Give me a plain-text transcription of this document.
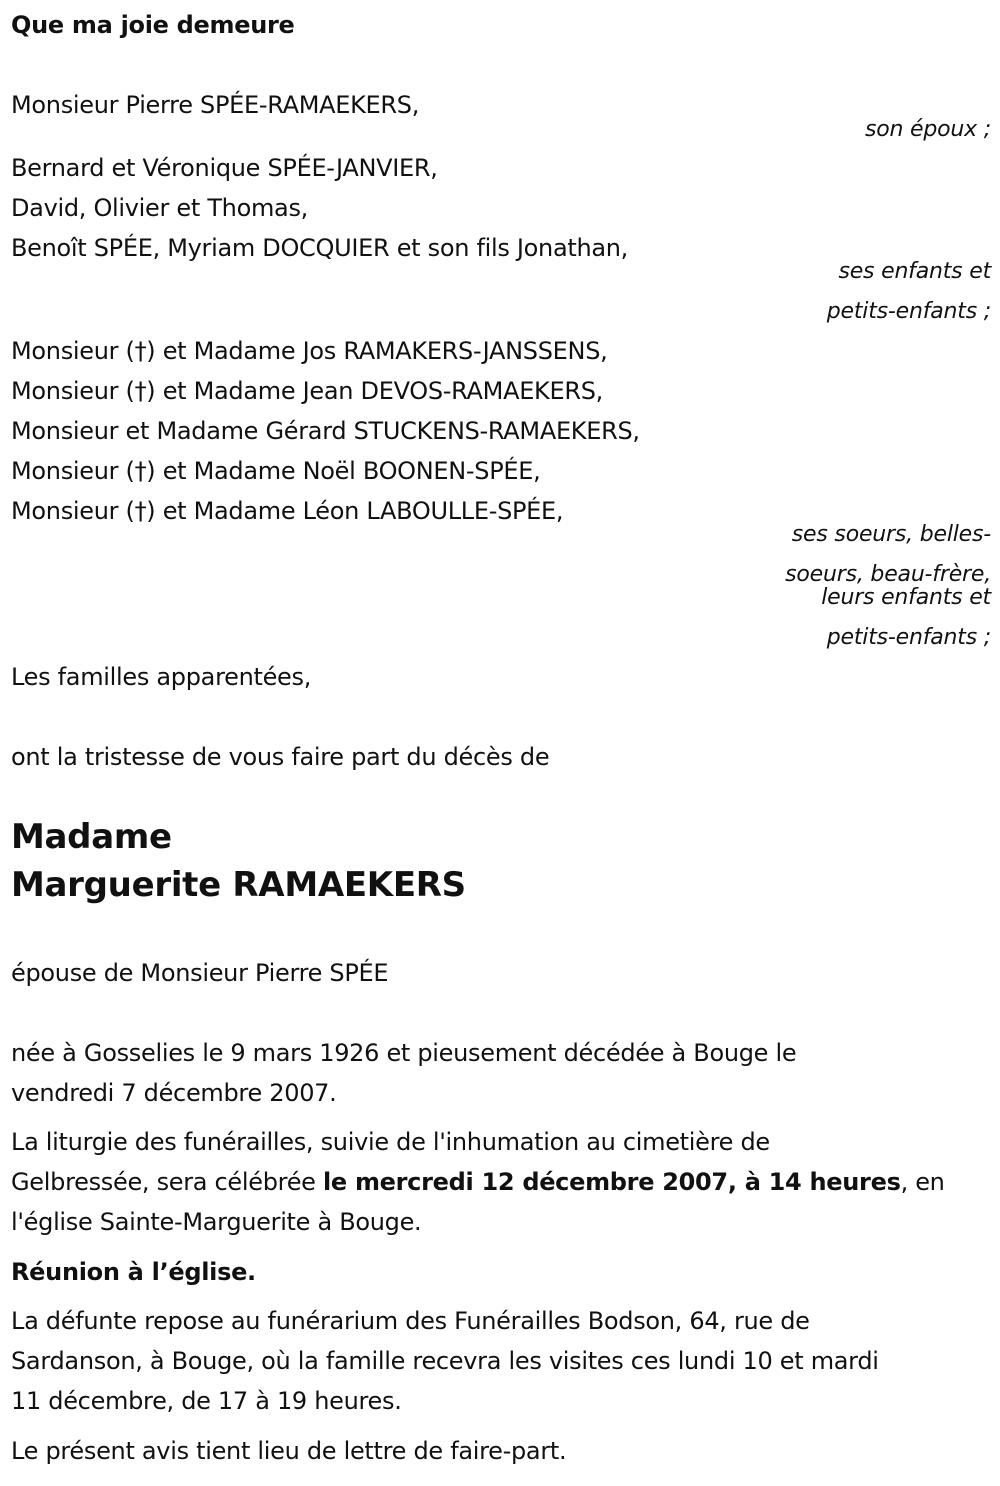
Que ma joie demeure
Monsieur Pierre SPÉE-RAMAEKERS,
son époux ;
Bernard et Véronique SPÉE-JANVIER,
David, Olivier et Thomas,
Benoît SPÉE, Myriam DOCQUIER et son fils Jonathan,
ses enfants et
petits-enfants ;
Monsieur (†) et Madame Jos RAMAKERS-JANSSENS,
Monsieur (†) et Madame Jean DEVOS-RAMAEKERS,
Monsieur et Madame Gérard STUCKENS-RAMAEKERS,
Monsieur (†) et Madame Noël BOONEN-SPÉE,
Monsieur (†) et Madame Léon LABOULLE-SPÉE,
ses soeurs, belles-
soeurs, beau-frère,
leurs enfants et
petits-enfants ;
Les familles apparentées,
ont la tristesse de vous faire part du décès de
Madame
Marguerite RAMAEKERS
épouse de Monsieur Pierre SPÉE
née à Gosselies le 9 mars 1926 et pieusement décédée à Bouge le
vendredi 7 décembre 2007.
La liturgie des funérailles, suivie de l'inhumation au cimetière de
Gelbressée, sera célébrée le mercredi 12 décembre 2007, à 14 heures, en
l'église Sainte-Marguerite à Bouge.
Réunion à l’église.
La défunte repose au funérarium des Funérailles Bodson, 64, rue de
Sardanson, à Bouge, où la famille recevra les visites ces lundi 10 et mardi
11 décembre, de 17 à 19 heures.
Le présent avis tient lieu de lettre de faire-part.
